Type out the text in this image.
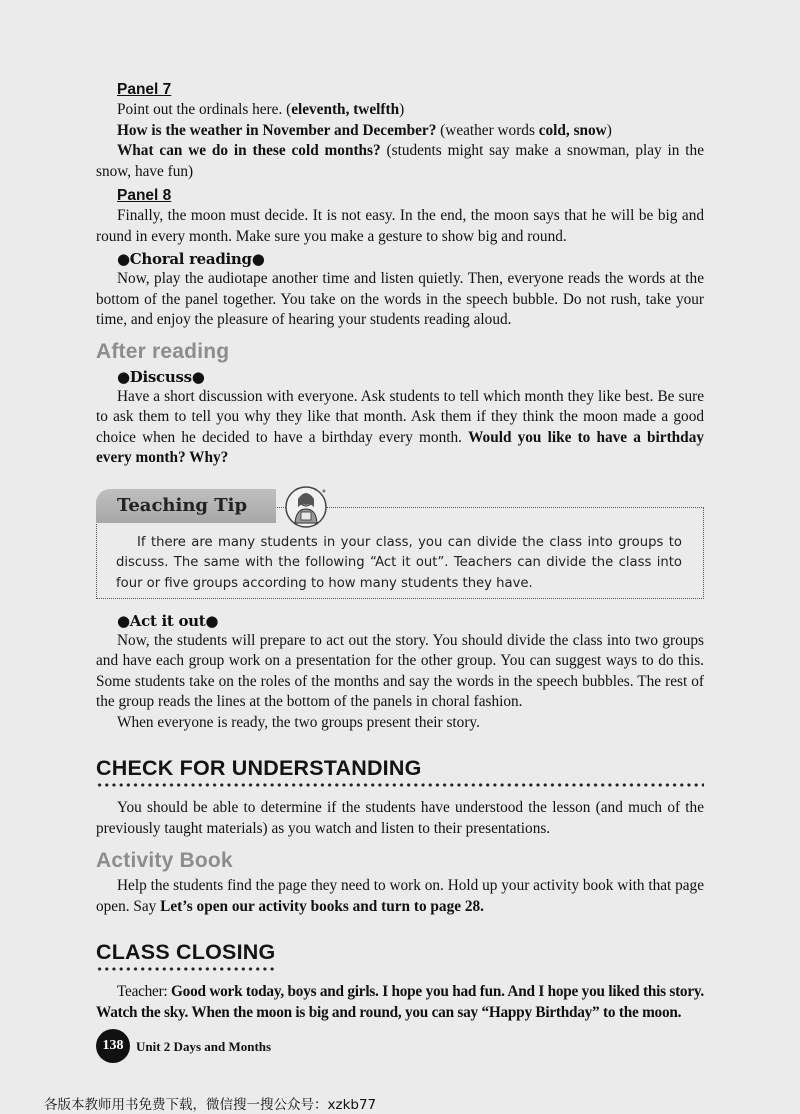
Panel 7

Point out the ordinals here. (eleventh, twelfth)

How is the weather in November and December? (weather words cold, snow)

What can we do in these cold months? (students might say make a snowman, play in the snow, have fun)

Panel 8

Finally, the moon must decide. It is not easy. In the end, the moon says that he will be big and round in every month. Make sure you make a gesture to show big and round.

●Choral reading●

Now, play the audiotape another time and listen quietly. Then, everyone reads the words at the bottom of the panel together. You take on the words in the speech bubble. Do not rush, take your time, and enjoy the pleasure of hearing your students reading aloud.

After reading
●Discuss●

Have a short discussion with everyone. Ask students to tell which month they like best. Be sure to ask them to tell you why they like that month. Ask them if they think the moon made a good choice when he decided to have a birthday every month. Would you like to have a birthday every month? Why?

Teaching Tip
If there are many students in your class, you can divide the class into groups to discuss. The same with the following “Act it out”. Teachers can divide the class into four or five groups according to how many students they have.
●Act it out●

Now, the students will prepare to act out the story. You should divide the class into two groups and have each group work on a presentation for the other group. You can suggest ways to do this. Some students take on the roles of the months and say the words in the speech bubbles. The rest of the group reads the lines at the bottom of the panels in choral fashion.

When everyone is ready, the two groups present their story.

CHECK FOR UNDERSTANDING

You should be able to determine if the students have understood the lesson (and much of the previously taught materials) as you watch and listen to their presentations.

Activity Book

Help the students find the page they need to work on. Hold up your activity book with that page open. Say Let’s open our activity books and turn to page 28.

CLASS CLOSING

Teacher: Good work today, boys and girls. I hope you had fun. And I hope you liked this story. Watch the sky. When the moon is big and round, you can say “Happy Birthday” to the moon.

138 Unit 2 Days and Months
各版本教师用书免费下载，微信搜一搜公众号：xzkb77
